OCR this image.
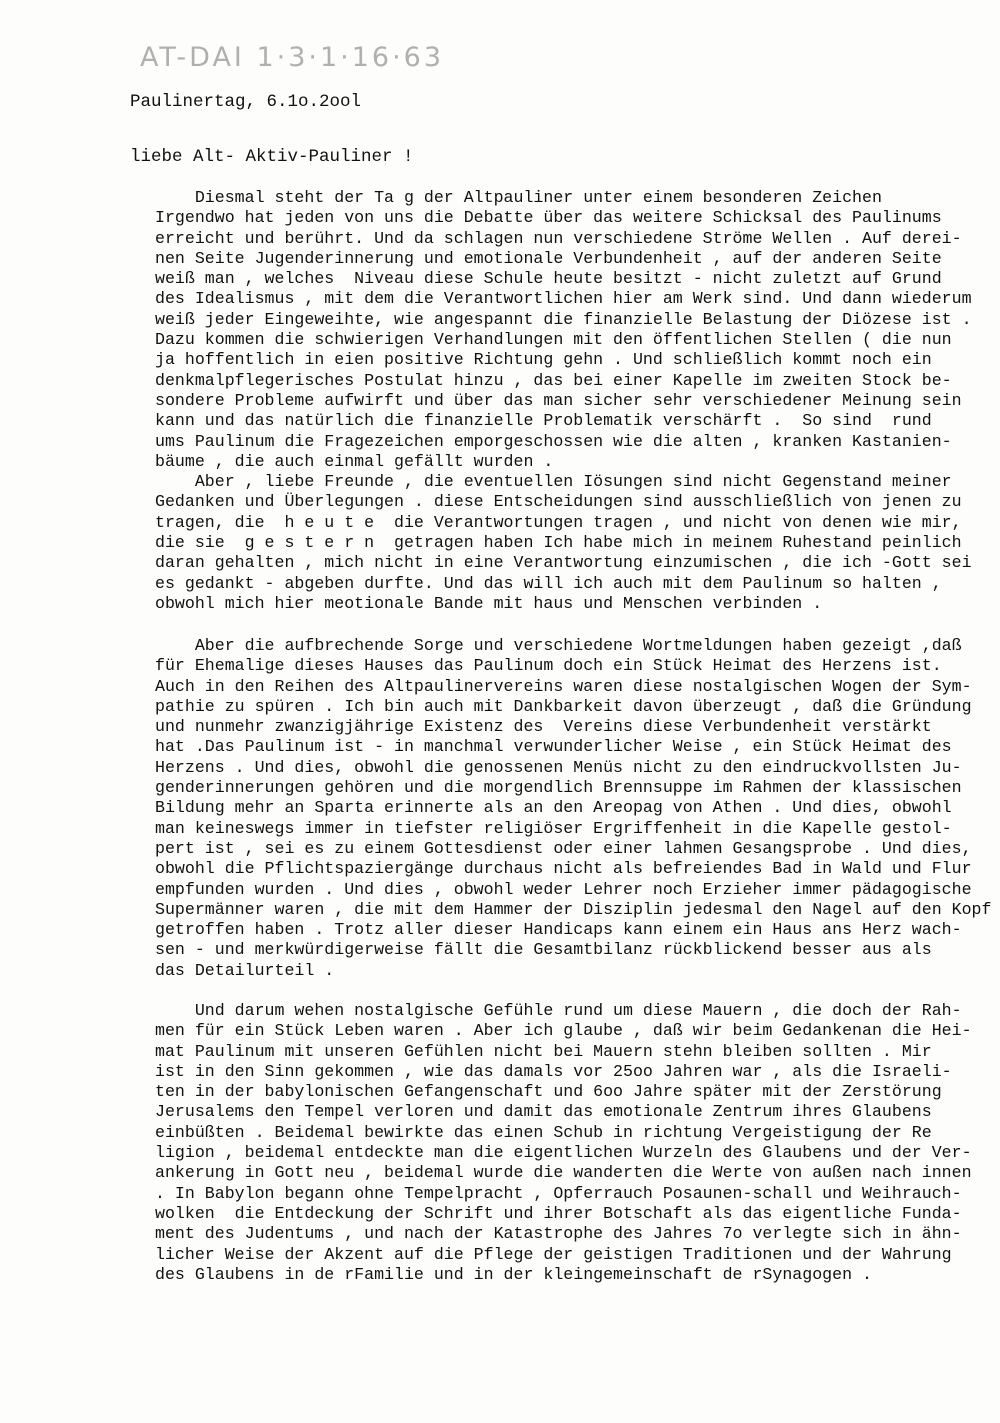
AT-DAI 1·3·1·16·63
Paulinertag, 6.1o.2ool
liebe Alt- Aktiv-Pauliner !

Diesmal steht der Ta g der Altpauliner unter einem besonderen Zeichen
Irgendwo hat jeden von uns die Debatte über das weitere Schicksal des Paulinums
erreicht und berührt. Und da schlagen nun verschiedene Ströme Wellen . Auf derei-
nen Seite Jugenderinnerung und emotionale Verbundenheit , auf der anderen Seite
weiß man , welches  Niveau diese Schule heute besitzt - nicht zuletzt auf Grund
des Idealismus , mit dem die Verantwortlichen hier am Werk sind. Und dann wiederum
weiß jeder Eingeweihte, wie angespannt die finanzielle Belastung der Diözese ist .
Dazu kommen die schwierigen Verhandlungen mit den öffentlichen Stellen ( die nun
ja hoffentlich in eien positive Richtung gehn . Und schließlich kommt noch ein
denkmalpflegerisches Postulat hinzu , das bei einer Kapelle im zweiten Stock be-
sondere Probleme aufwirft und über das man sicher sehr verschiedener Meinung sein
kann und das natürlich die finanzielle Problematik verschärft .  So sind  rund
ums Paulinum die Fragezeichen emporgeschossen wie die alten , kranken Kastanien-
bäume , die auch einmal gefällt wurden .
Aber , liebe Freunde , die eventuellen Iösungen sind nicht Gegenstand meiner
Gedanken und Überlegungen . diese Entscheidungen sind ausschließlich von jenen zu
tragen, die  h e u t e  die Verantwortungen tragen , und nicht von denen wie mir,
die sie  g e s t e r n  getragen haben Ich habe mich in meinem Ruhestand peinlich
daran gehalten , mich nicht in eine Verantwortung einzumischen , die ich -Gott sei
es gedankt - abgeben durfte. Und das will ich auch mit dem Paulinum so halten ,
obwohl mich hier meotionale Bande mit haus und Menschen verbinden .

Aber die aufbrechende Sorge und verschiedene Wortmeldungen haben gezeigt ,daß
für Ehemalige dieses Hauses das Paulinum doch ein Stück Heimat des Herzens ist.
Auch in den Reihen des Altpaulinervereins waren diese nostalgischen Wogen der Sym-
pathie zu spüren . Ich bin auch mit Dankbarkeit davon überzeugt , daß die Gründung
und nunmehr zwanzigjährige Existenz des  Vereins diese Verbundenheit verstärkt
hat .Das Paulinum ist - in manchmal verwunderlicher Weise , ein Stück Heimat des
Herzens . Und dies, obwohl die genossenen Menüs nicht zu den eindruckvollsten Ju-
genderinnerungen gehören und die morgendlich Brennsuppe im Rahmen der klassischen
Bildung mehr an Sparta erinnerte als an den Areopag von Athen . Und dies, obwohl
man keineswegs immer in tiefster religiöser Ergriffenheit in die Kapelle gestol-
pert ist , sei es zu einem Gottesdienst oder einer lahmen Gesangsprobe . Und dies,
obwohl die Pflichtspaziergänge durchaus nicht als befreiendes Bad in Wald und Flur
empfunden wurden . Und dies , obwohl weder Lehrer noch Erzieher immer pädagogische
Supermänner waren , die mit dem Hammer der Disziplin jedesmal den Nagel auf den Kopf
getroffen haben . Trotz aller dieser Handicaps kann einem ein Haus ans Herz wach-
sen - und merkwürdigerweise fällt die Gesamtbilanz rückblickend besser aus als
das Detailurteil .

Und darum wehen nostalgische Gefühle rund um diese Mauern , die doch der Rah-
men für ein Stück Leben waren . Aber ich glaube , daß wir beim Gedankenan die Hei-
mat Paulinum mit unseren Gefühlen nicht bei Mauern stehn bleiben sollten . Mir
ist in den Sinn gekommen , wie das damals vor 25oo Jahren war , als die Israeli-
ten in der babylonischen Gefangenschaft und 6oo Jahre später mit der Zerstörung
Jerusalems den Tempel verloren und damit das emotionale Zentrum ihres Glaubens
einbüßten . Beidemal bewirkte das einen Schub in richtung Vergeistigung der Re
ligion , beidemal entdeckte man die eigentlichen Wurzeln des Glaubens und der Ver-
ankerung in Gott neu , beidemal wurde die wanderten die Werte von außen nach innen
. In Babylon begann ohne Tempelpracht , Opferrauch Posaunen-schall und Weihrauch-
wolken  die Entdeckung der Schrift und ihrer Botschaft als das eigentliche Funda-
ment des Judentums , und nach der Katastrophe des Jahres 7o verlegte sich in ähn-
licher Weise der Akzent auf die Pflege der geistigen Traditionen und der Wahrung
des Glaubens in de rFamilie und in der kleingemeinschaft de rSynagogen .
